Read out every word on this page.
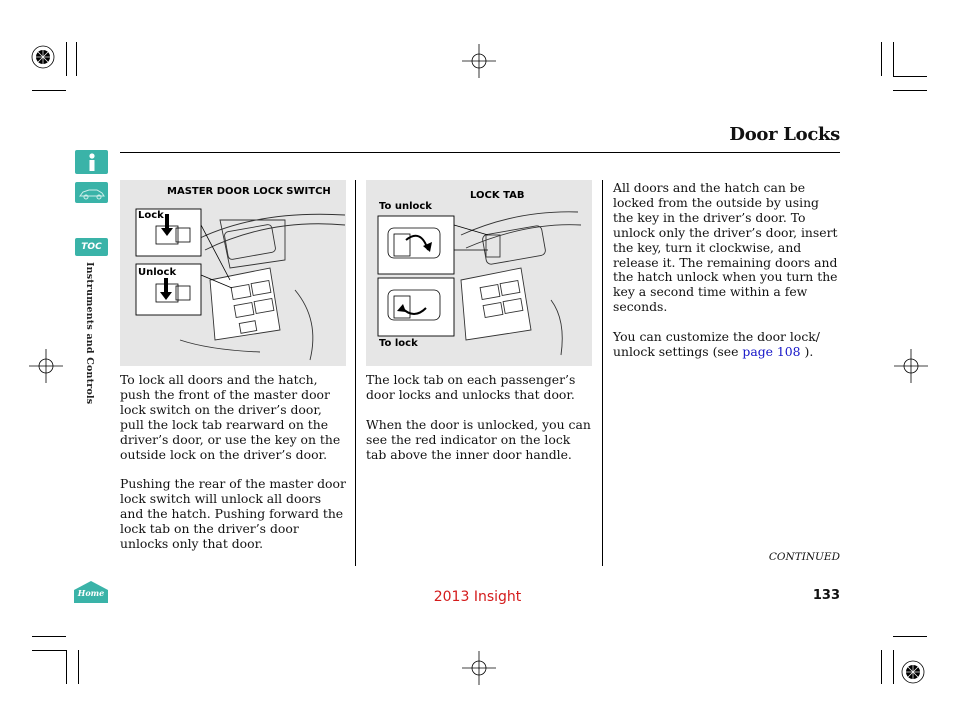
Door Locks
TOC
Instruments and Controls
Home
MASTER DOOR LOCK SWITCH
Lock
Unlock
LOCK TAB
To unlock
To lock

To lock all doors and the hatch, push the front of the master door lock switch on the driver’s door, pull the lock tab rearward on the driver’s door, or use the key on the outside lock on the driver’s door.

Pushing the rear of the master door lock switch will unlock all doors and the hatch. Pushing forward the lock tab on the driver’s door unlocks only that door.

The lock tab on each passenger’s door locks and unlocks that door.

When the door is unlocked, you can see the red indicator on the lock tab above the inner door handle.

All doors and the hatch can be locked from the outside by using the key in the driver’s door. To unlock only the driver’s door, insert the key, turn it clockwise, and release it. The remaining doors and the hatch unlock when you turn the key a second time within a few seconds.

You can customize the door lock/ unlock settings (see page 108 ).

CONTINUED
2013 Insight	133
